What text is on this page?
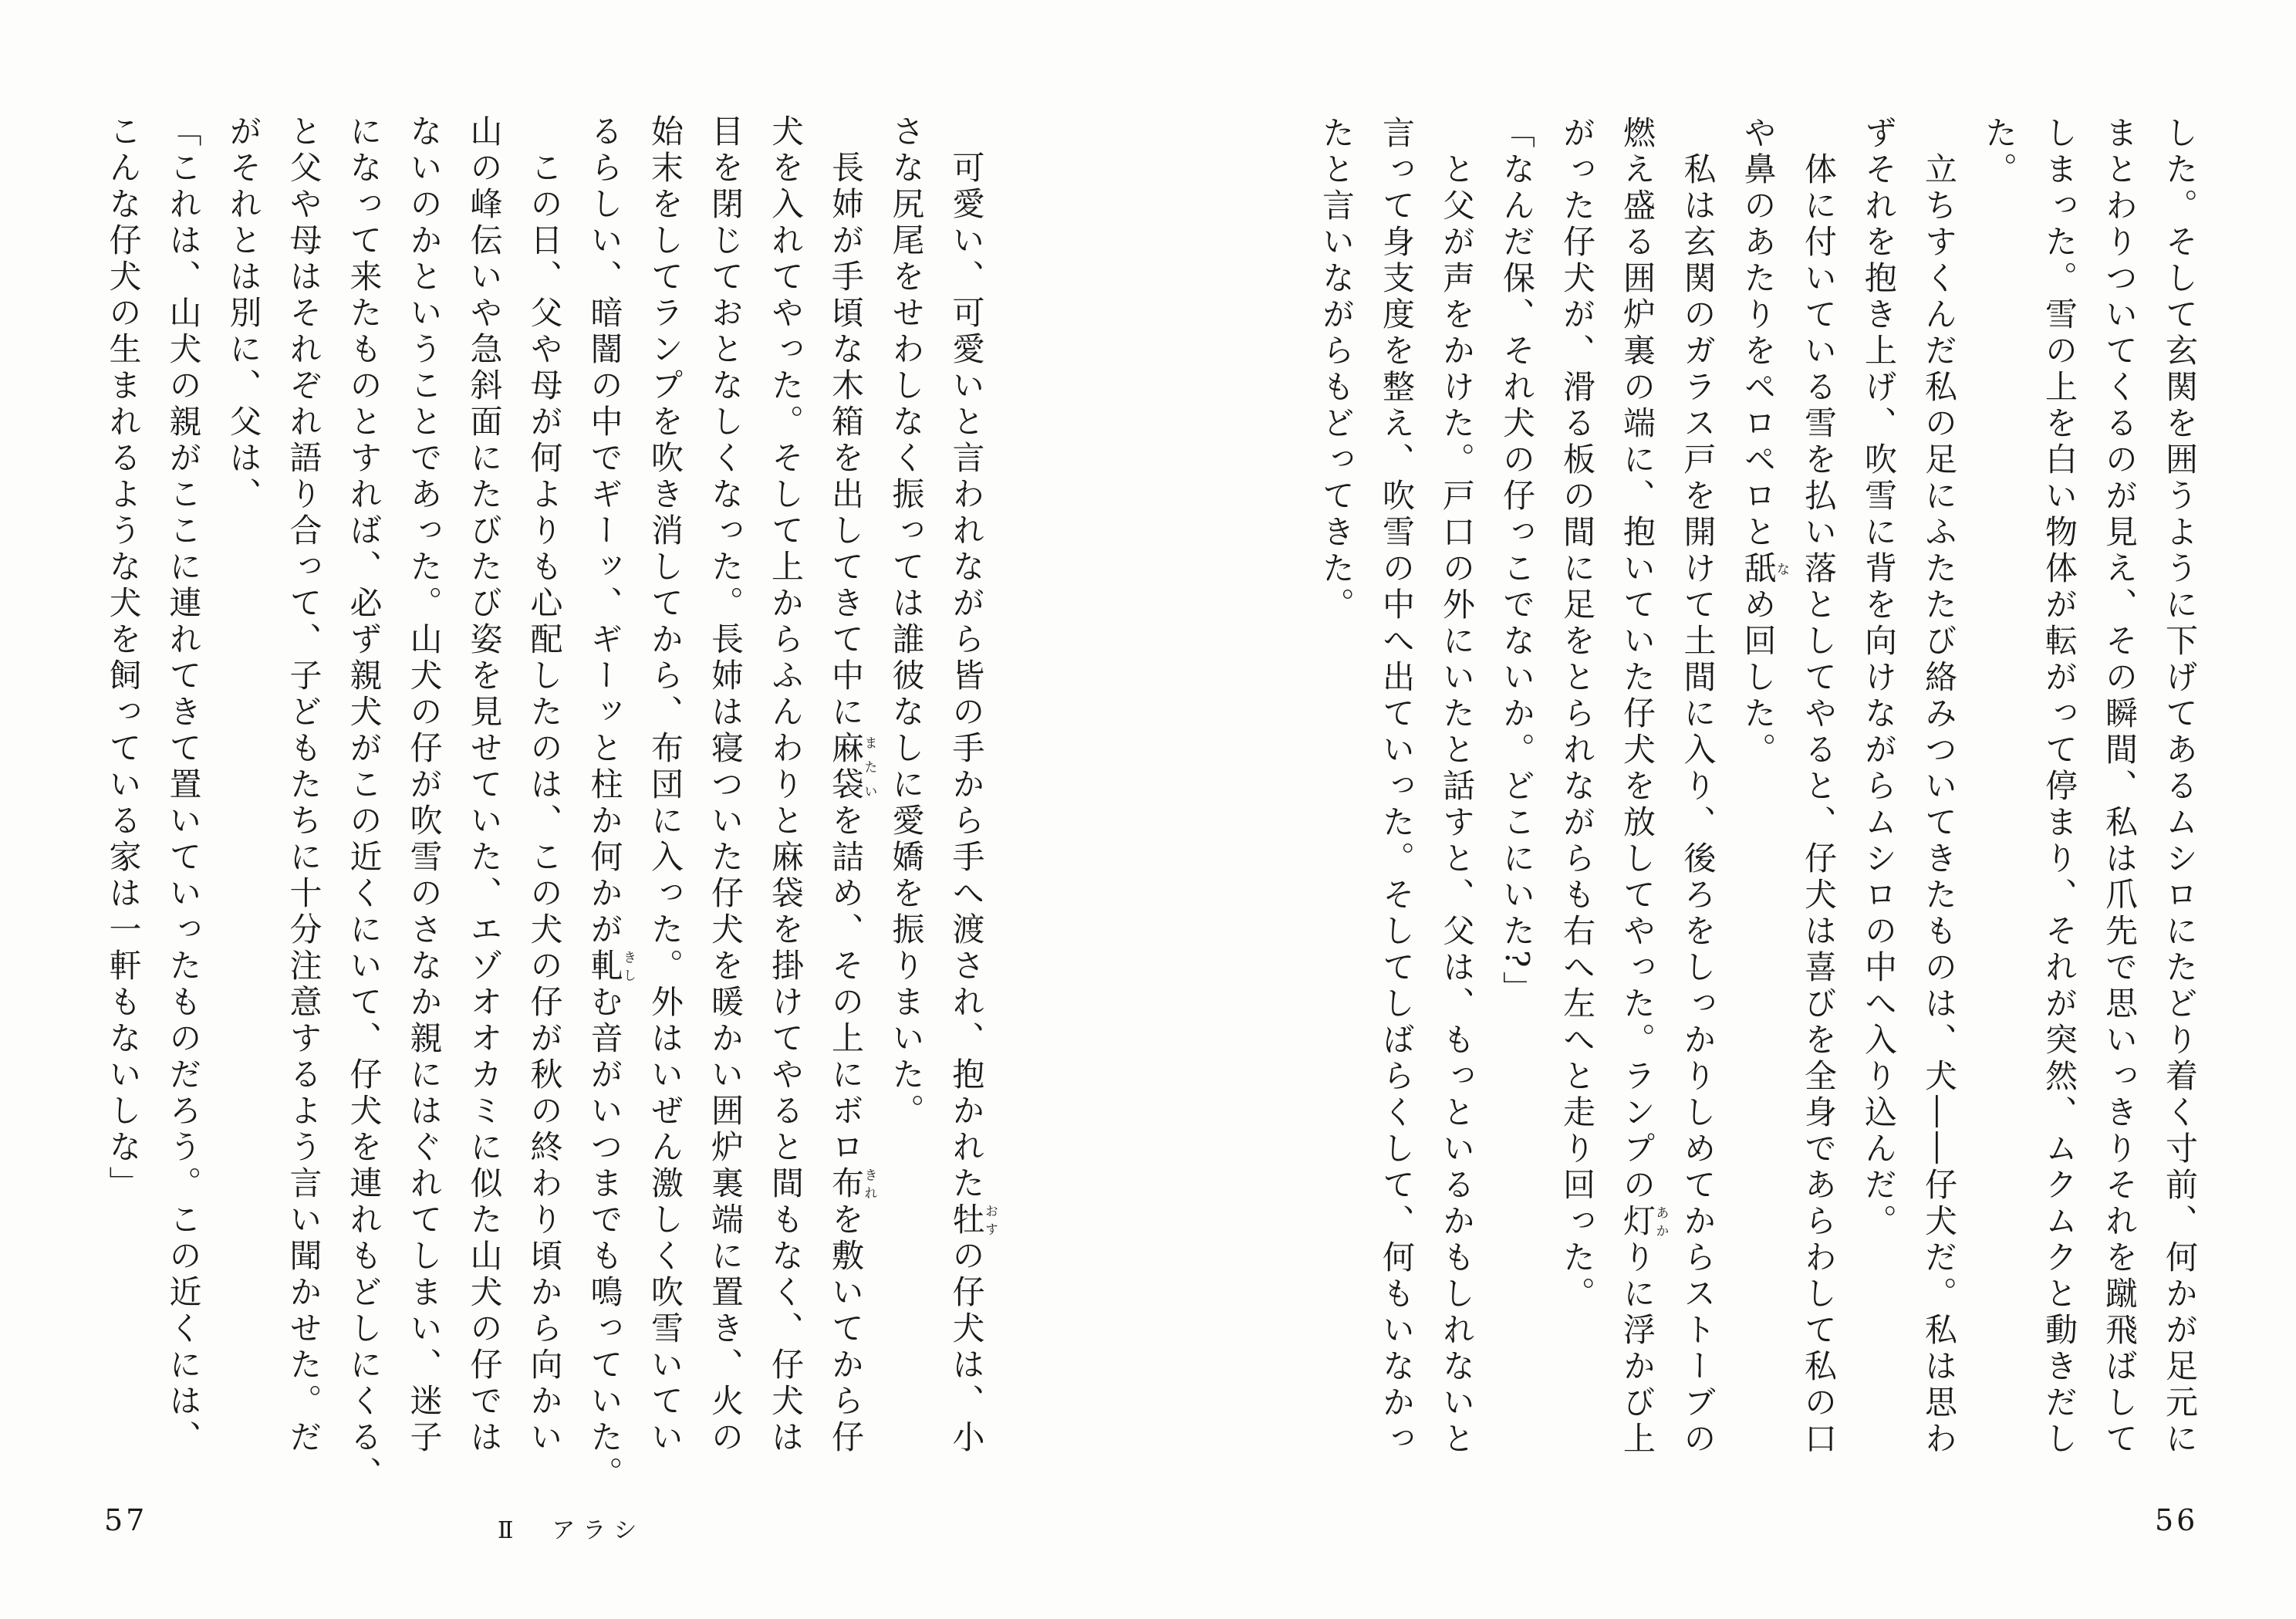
した。そして玄関を囲うように下げてあるムシロにたどり着く寸前、何かが足元に
まとわりついてくるのが見え、その瞬間、私は爪先で思いっきりそれを蹴飛ばして
しまった。雪の上を白い物体が転がって停まり、それが突然、ムクムクと動きだし
た。
　立ちすくんだ私の足にふたたび絡みついてきたものは、犬――仔犬だ。私は思わ
ずそれを抱き上げ、吹雪に背を向けながらムシロの中へ入り込んだ。
　体に付いている雪を払い落としてやると、仔犬は喜びを全身であらわして私の口
や鼻のあたりをペロペロと舐なめ回した。
　私は玄関のガラス戸を開けて土間に入り、後ろをしっかりしめてからストーブの
燃え盛る囲炉裏の端に、抱いていた仔犬を放してやった。ランプの灯あかりに浮かび上
がった仔犬が、滑る板の間に足をとられながらも右へ左へと走り回った。
「なんだ保、それ犬の仔っこでないか。どこにいた?」
　と父が声をかけた。戸口の外にいたと話すと、父は、もっといるかもしれないと
言って身支度を整え、吹雪の中へ出ていった。そしてしばらくして、何もいなかっ
たと言いながらもどってきた。
　可愛い、可愛いと言われながら皆の手から手へ渡され、抱かれた牡おすの仔犬は、小
さな尻尾をせわしなく振っては誰彼なしに愛嬌を振りまいた。
　長姉が手頃な木箱を出してきて中に麻袋またいを詰め、その上にボロ布きれを敷いてから仔
犬を入れてやった。そして上からふんわりと麻袋を掛けてやると間もなく、仔犬は
目を閉じておとなしくなった。長姉は寝ついた仔犬を暖かい囲炉裏端に置き、火の
始末をしてランプを吹き消してから、布団に入った。外はいぜん激しく吹雪いてい
るらしい、暗闇の中でギーッ、ギーッと柱か何かが軋きしむ音がいつまでも鳴っていた。
　この日、父や母が何よりも心配したのは、この犬の仔が秋の終わり頃から向かい
山の峰伝いや急斜面にたびたび姿を見せていた、エゾオオカミに似た山犬の仔では
ないのかということであった。山犬の仔が吹雪のさなか親にはぐれてしまい、迷子
になって来たものとすれば、必ず親犬がこの近くにいて、仔犬を連れもどしにくる、
と父や母はそれぞれ語り合って、子どもたちに十分注意するよう言い聞かせた。だ
がそれとは別に、父は、
「これは、山犬の親がここに連れてきて置いていったものだろう。この近くには、
こんな仔犬の生まれるような犬を飼っている家は一軒もないしな」
57	Ⅱ　アラシ	56
